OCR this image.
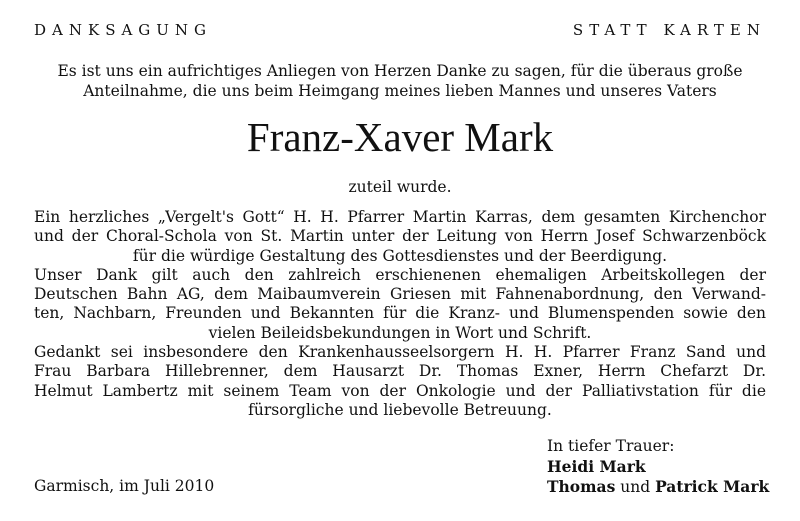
DANKSAGUNG	STATT KARTEN
Es ist uns ein aufrichtiges Anliegen von Herzen Danke zu sagen, für die überaus große
Anteilnahme, die uns beim Heimgang meines lieben Mannes und unseres Vaters
Franz-Xaver Mark
zuteil wurde.
Ein herzliches „Vergelt's Gott“ H. H. Pfarrer Martin Karras, dem gesamten Kirchenchor
und der Choral-Schola von St. Martin unter der Leitung von Herrn Josef Schwarzenböck
für die würdige Gestaltung des Gottesdienstes und der Beerdigung.
Unser Dank gilt auch den zahlreich erschienenen ehemaligen Arbeitskollegen der
Deutschen Bahn AG, dem Maibaumverein Griesen mit Fahnenabordnung, den Verwand-
ten, Nachbarn, Freunden und Bekannten für die Kranz- und Blumenspenden sowie den
vielen Beileidsbekundungen in Wort und Schrift.
Gedankt sei insbesondere den Krankenhausseelsorgern H. H. Pfarrer Franz Sand und
Frau Barbara Hillebrenner, dem Hausarzt Dr. Thomas Exner, Herrn Chefarzt Dr.
Helmut Lambertz mit seinem Team von der Onkologie und der Palliativstation für die
fürsorgliche und liebevolle Betreuung.
In tiefer Trauer:
Heidi Mark
Thomas und Patrick Mark
Garmisch, im Juli 2010
